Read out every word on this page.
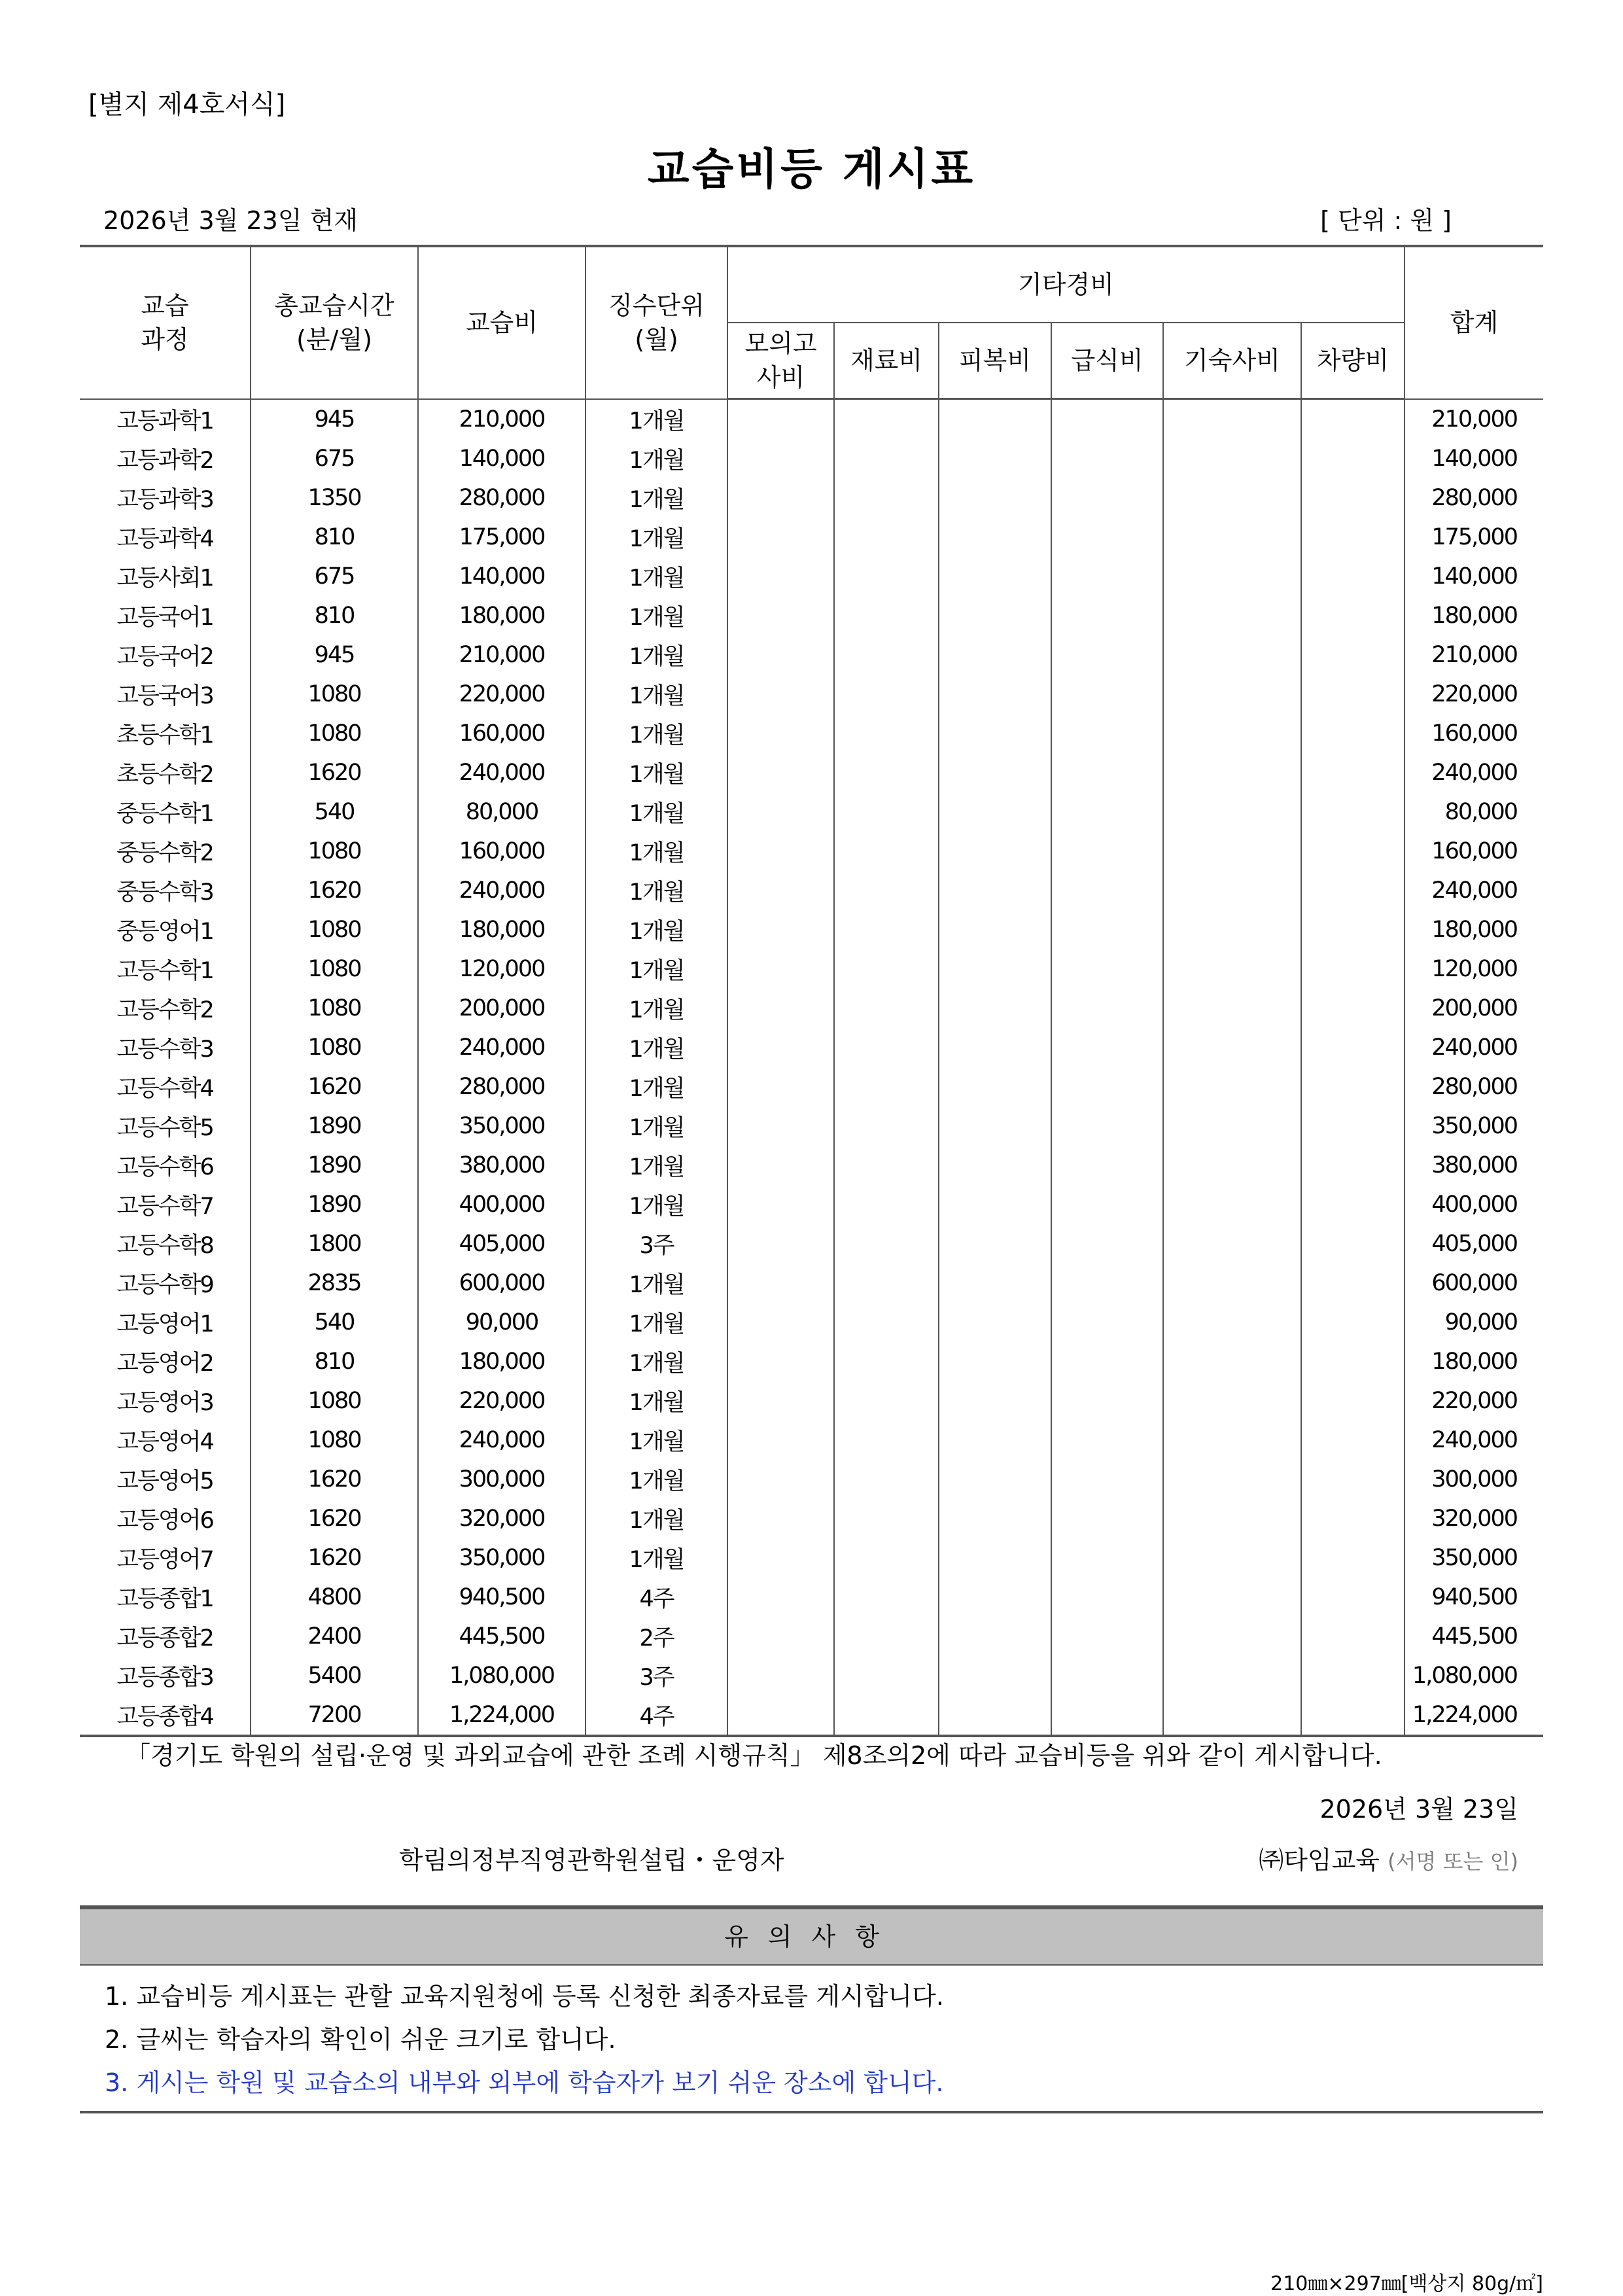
[별지 제4호서식]
교습비등 게시표
2026년 3월 23일 현재	[ 단위 : 원 ]
교습 과정	총교습시간 (분/월)	교습비	징수단위 (월)	기타경비						합계
				모의고 사비	재료비	피복비	급식비	기숙사비	차량비	
고등과학1	945	210,000	1개월							210,000
고등과학2	675	140,000	1개월							140,000
고등과학3	1350	280,000	1개월							280,000
고등과학4	810	175,000	1개월							175,000
고등사회1	675	140,000	1개월							140,000
고등국어1	810	180,000	1개월							180,000
고등국어2	945	210,000	1개월							210,000
고등국어3	1080	220,000	1개월							220,000
초등수학1	1080	160,000	1개월							160,000
초등수학2	1620	240,000	1개월							240,000
중등수학1	540	80,000	1개월							80,000
중등수학2	1080	160,000	1개월							160,000
중등수학3	1620	240,000	1개월							240,000
중등영어1	1080	180,000	1개월							180,000
고등수학1	1080	120,000	1개월							120,000
고등수학2	1080	200,000	1개월							200,000
고등수학3	1080	240,000	1개월							240,000
고등수학4	1620	280,000	1개월							280,000
고등수학5	1890	350,000	1개월							350,000
고등수학6	1890	380,000	1개월							380,000
고등수학7	1890	400,000	1개월							400,000
고등수학8	1800	405,000	3주							405,000
고등수학9	2835	600,000	1개월							600,000
고등영어1	540	90,000	1개월							90,000
고등영어2	810	180,000	1개월							180,000
고등영어3	1080	220,000	1개월							220,000
고등영어4	1080	240,000	1개월							240,000
고등영어5	1620	300,000	1개월							300,000
고등영어6	1620	320,000	1개월							320,000
고등영어7	1620	350,000	1개월							350,000
고등종합1	4800	940,500	4주							940,500
고등종합2	2400	445,500	2주							445,500
고등종합3	5400	1,080,000	3주							1,080,000
고등종합4	7200	1,224,000	4주							1,224,000
「경기도 학원의 설립·운영 및 과외교습에 관한 조례 시행규칙」 제8조의2에 따라 교습비등을 위와 같이 게시합니다.
2026년 3월 23일
학림의정부직영관학원설립・운영자	㈜타임교육 (서명 또는 인)
유의사항
1. 교습비등 게시표는 관할 교육지원청에 등록 신청한 최종자료를 게시합니다.
2. 글씨는 학습자의 확인이 쉬운 크기로 합니다.
3. 게시는 학원 및 교습소의 내부와 외부에 학습자가 보기 쉬운 장소에 합니다.
210㎜×297㎜[백상지 80g/㎡]
